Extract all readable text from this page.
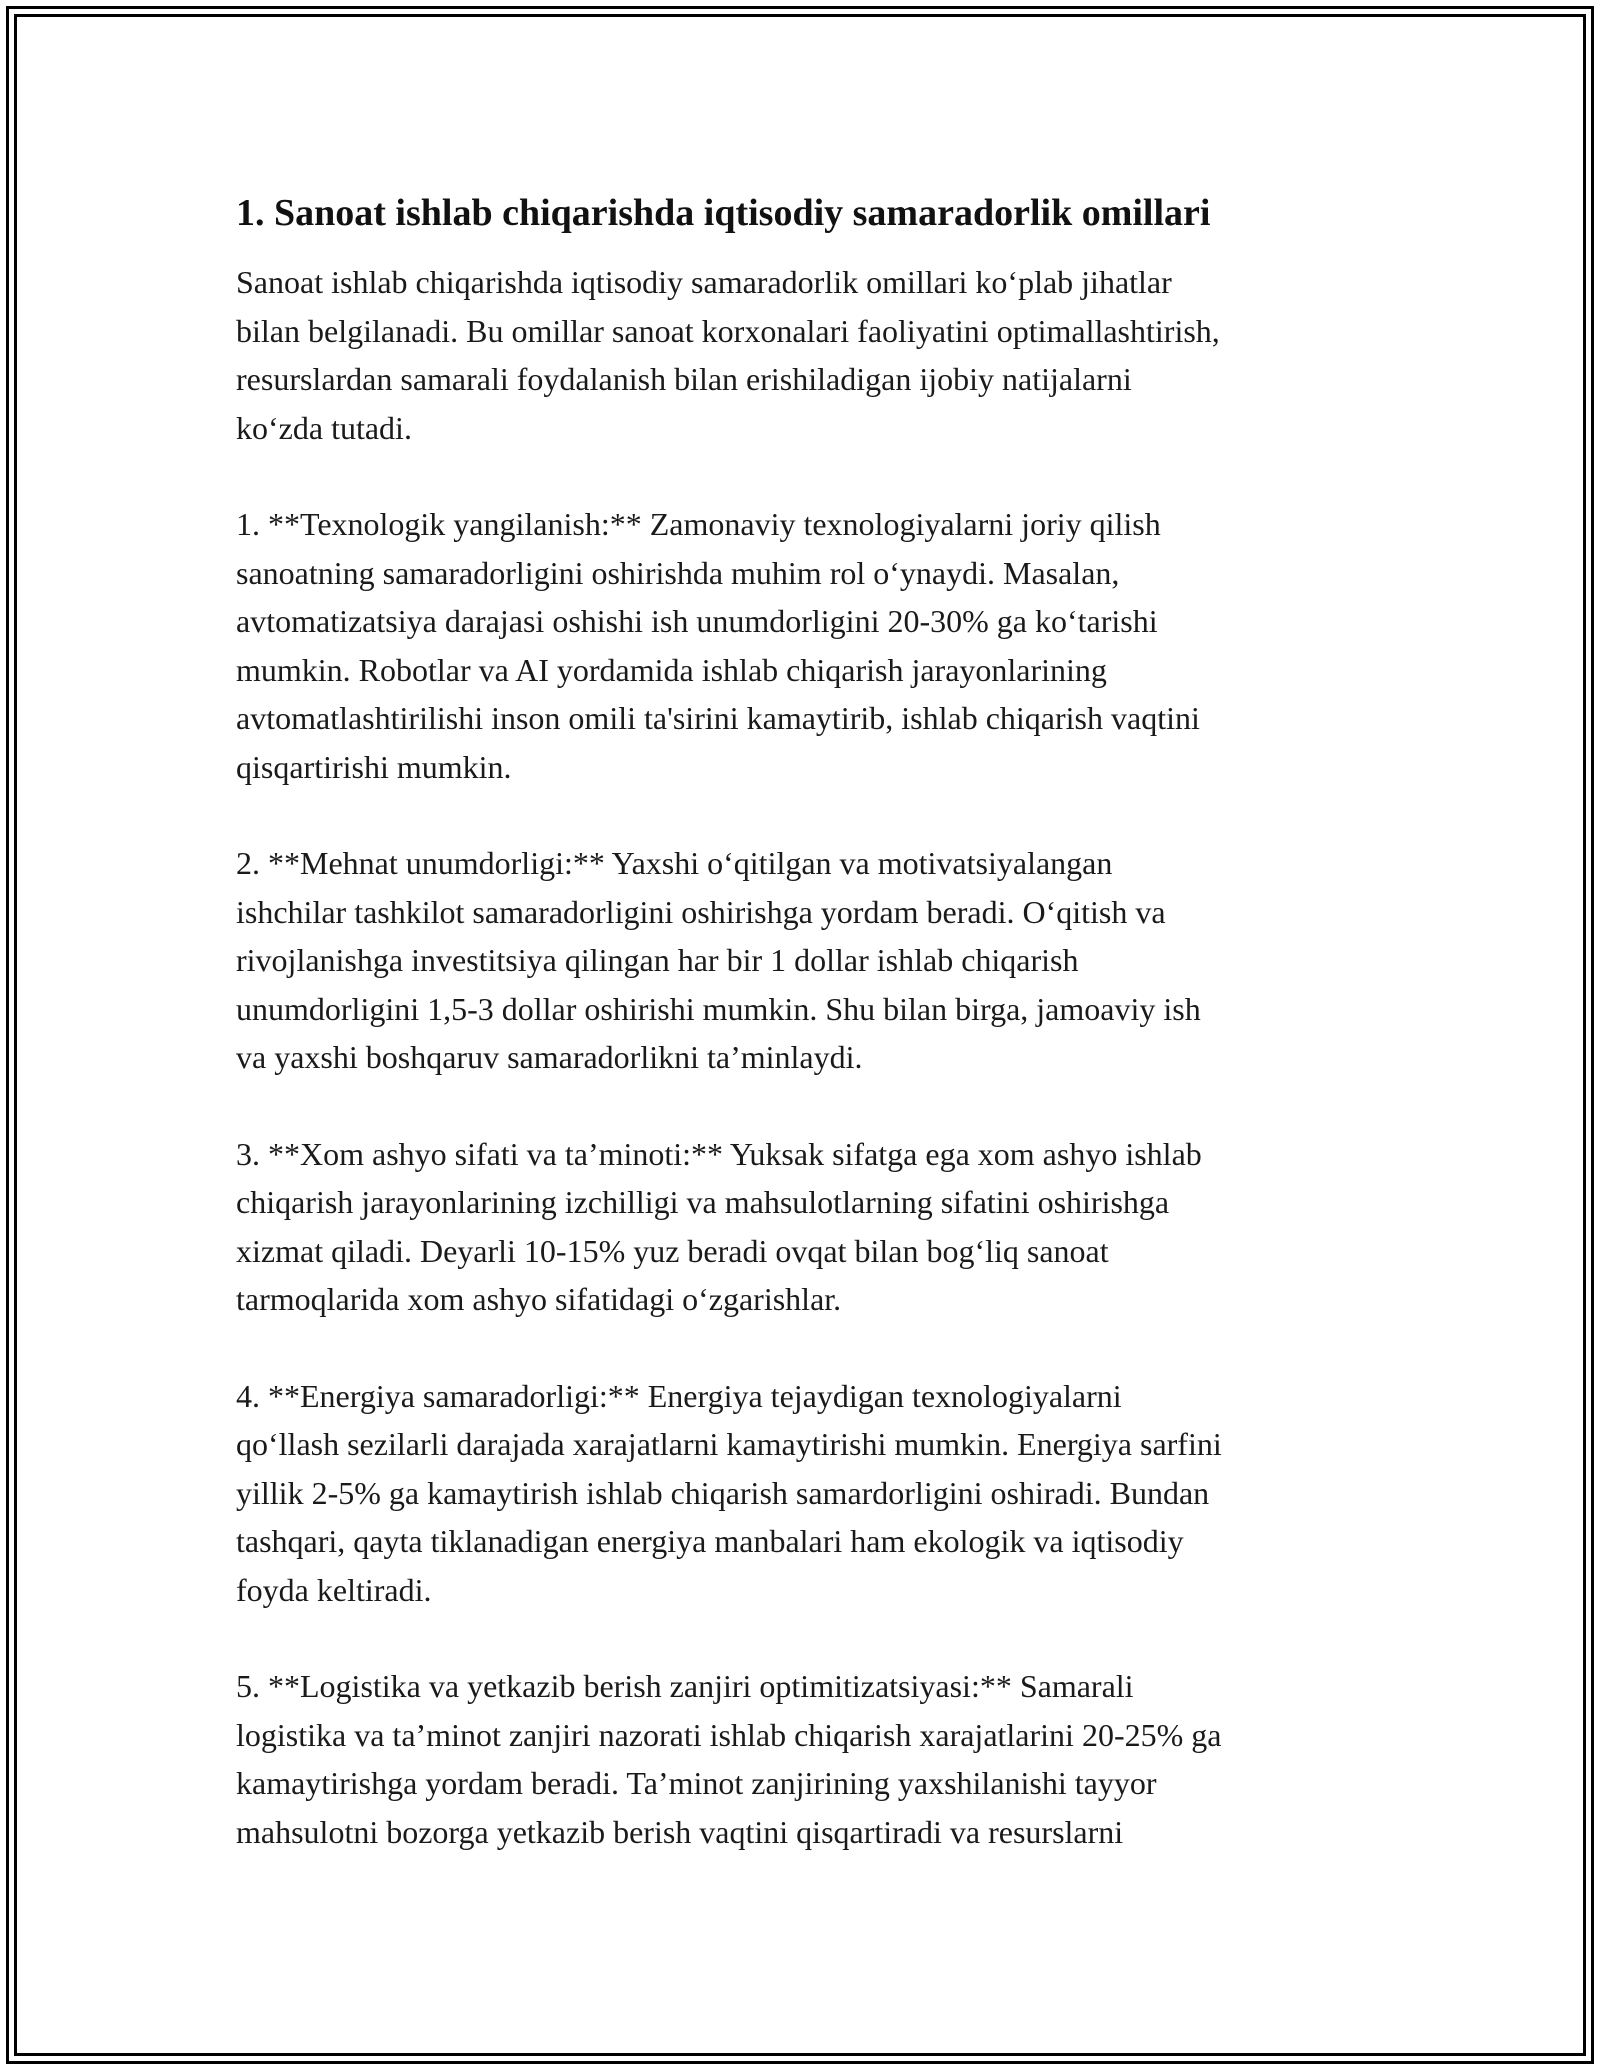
1. Sanoat ishlab chiqarishda iqtisodiy samaradorlik omillari

Sanoat ishlab chiqarishda iqtisodiy samaradorlik omillari ko‘plab jihatlar
bilan belgilanadi. Bu omillar sanoat korxonalari faoliyatini optimallashtirish,
resurslardan samarali foydalanish bilan erishiladigan ijobiy natijalarni
ko‘zda tutadi.

1. **Texnologik yangilanish:** Zamonaviy texnologiyalarni joriy qilish
sanoatning samaradorligini oshirishda muhim rol o‘ynaydi. Masalan,
avtomatizatsiya darajasi oshishi ish unumdorligini 20-30% ga ko‘tarishi
mumkin. Robotlar va AI yordamida ishlab chiqarish jarayonlarining
avtomatlashtirilishi inson omili ta'sirini kamaytirib, ishlab chiqarish vaqtini
qisqartirishi mumkin.

2. **Mehnat unumdorligi:** Yaxshi o‘qitilgan va motivatsiyalangan
ishchilar tashkilot samaradorligini oshirishga yordam beradi. O‘qitish va
rivojlanishga investitsiya qilingan har bir 1 dollar ishlab chiqarish
unumdorligini 1,5-3 dollar oshirishi mumkin. Shu bilan birga, jamoaviy ish
va yaxshi boshqaruv samaradorlikni ta’minlaydi.

3. **Xom ashyo sifati va ta’minoti:** Yuksak sifatga ega xom ashyo ishlab
chiqarish jarayonlarining izchilligi va mahsulotlarning sifatini oshirishga
xizmat qiladi. Deyarli 10-15% yuz beradi ovqat bilan bog‘liq sanoat
tarmoqlarida xom ashyo sifatidagi o‘zgarishlar.

4. **Energiya samaradorligi:** Energiya tejaydigan texnologiyalarni
qo‘llash sezilarli darajada xarajatlarni kamaytirishi mumkin. Energiya sarfini
yillik 2-5% ga kamaytirish ishlab chiqarish samardorligini oshiradi. Bundan
tashqari, qayta tiklanadigan energiya manbalari ham ekologik va iqtisodiy
foyda keltiradi.

5. **Logistika va yetkazib berish zanjiri optimitizatsiyasi:** Samarali
logistika va ta’minot zanjiri nazorati ishlab chiqarish xarajatlarini 20-25% ga
kamaytirishga yordam beradi. Ta’minot zanjirining yaxshilanishi tayyor
mahsulotni bozorga yetkazib berish vaqtini qisqartiradi va resurslarni
